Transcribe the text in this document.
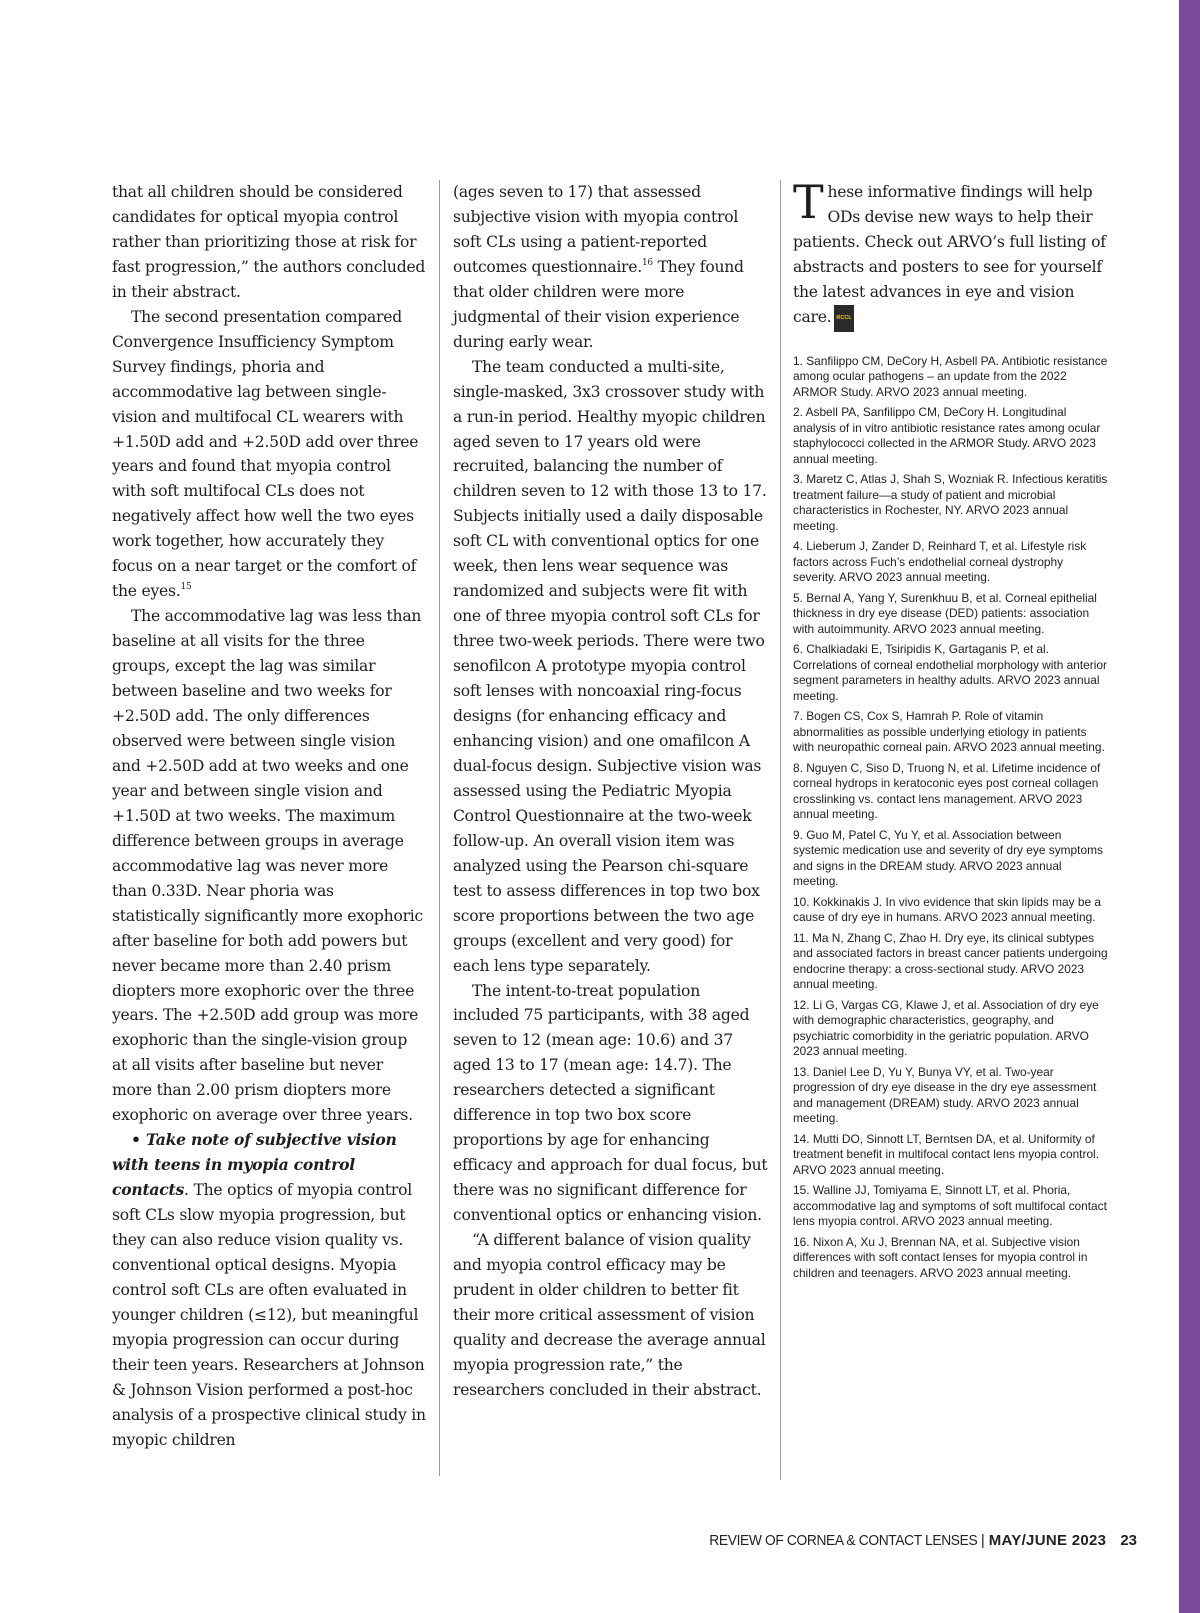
that all children should be considered candidates for optical myopia control rather than prioritizing those at risk for fast progression,” the authors concluded in their abstract.

The second presentation compared Convergence Insufficiency Symptom Survey findings, phoria and accommodative lag between single-vision and multifocal CL wearers with +1.50D add and +2.50D add over three years and found that myopia control with soft multifocal CLs does not negatively affect how well the two eyes work together, how accurately they focus on a near target or the comfort of the eyes.$^{15}$

The accommodative lag was less than baseline at all visits for the three groups, except the lag was similar between baseline and two weeks for +2.50D add. The only differences observed were between single vision and +2.50D add at two weeks and one year and between single vision and +1.50D at two weeks. The maximum difference between groups in average accommodative lag was never more than 0.33D. Near phoria was statistically significantly more exophoric after baseline for both add powers but never became more than 2.40 prism diopters more exophoric over the three years. The +2.50D add group was more exophoric than the single-vision group at all visits after baseline but never more than 2.00 prism diopters more exophoric on average over three years.

• Take note of subjective vision with teens in myopia control contacts. The optics of myopia control soft CLs slow myopia progression, but they can also reduce vision quality vs. conventional optical designs. Myopia control soft CLs are often evaluated in younger children (≤12), but meaningful myopia progression can occur during their teen years. Researchers at Johnson & Johnson Vision performed a post-hoc analysis of a prospective clinical study in myopic children

(ages seven to 17) that assessed subjective vision with myopia control soft CLs using a patient-reported outcomes questionnaire.$^{16}$ They found that older children were more judgmental of their vision experience during early wear.

The team conducted a multi-site, single-masked, 3x3 crossover study with a run-in period. Healthy myopic children aged seven to 17 years old were recruited, balancing the number of children seven to 12 with those 13 to 17. Subjects initially used a daily disposable soft CL with conventional optics for one week, then lens wear sequence was randomized and subjects were fit with one of three myopia control soft CLs for three two-week periods. There were two senofilcon A prototype myopia control soft lenses with noncoaxial ring-focus designs (for enhancing efficacy and enhancing vision) and one omafilcon A dual-focus design. Subjective vision was assessed using the Pediatric Myopia Control Questionnaire at the two-week follow-up. An overall vision item was analyzed using the Pearson chi-square test to assess differences in top two box score proportions between the two age groups (excellent and very good) for each lens type separately.

The intent-to-treat population included 75 participants, with 38 aged seven to 12 (mean age: 10.6) and 37 aged 13 to 17 (mean age: 14.7). The researchers detected a significant difference in top two box score proportions by age for enhancing efficacy and approach for dual focus, but there was no significant difference for conventional optics or enhancing vision.

“A different balance of vision quality and myopia control efficacy may be prudent in older children to better fit their more critical assessment of vision quality and decrease the average annual myopia progression rate,” the researchers concluded in their abstract.

These informative findings will help ODs devise new ways to help their patients. Check out ARVO’s full listing of abstracts and posters to see for yourself the latest advances in eye and vision care. RCCL

1. Sanfilippo CM, DeCory H, Asbell PA. Antibiotic resistance among ocular pathogens – an update from the 2022 ARMOR Study. ARVO 2023 annual meeting.

2. Asbell PA, Sanfilippo CM, DeCory H. Longitudinal analysis of in vitro antibiotic resistance rates among ocular staphylococci collected in the ARMOR Study. ARVO 2023 annual meeting.

3. Maretz C, Atlas J, Shah S, Wozniak R. Infectious keratitis treatment failure—a study of patient and microbial characteristics in Rochester, NY. ARVO 2023 annual meeting.

4. Lieberum J, Zander D, Reinhard T, et al. Lifestyle risk factors across Fuch’s endothelial corneal dystrophy severity. ARVO 2023 annual meeting.

5. Bernal A, Yang Y, Surenkhuu B, et al. Corneal epithelial thickness in dry eye disease (DED) patients: association with autoimmunity. ARVO 2023 annual meeting.

6. Chalkiadaki E, Tsiripidis K, Gartaganis P, et al. Correlations of corneal endothelial morphology with anterior segment parameters in healthy adults. ARVO 2023 annual meeting.

7. Bogen CS, Cox S, Hamrah P. Role of vitamin abnormalities as possible underlying etiology in patients with neuropathic corneal pain. ARVO 2023 annual meeting.

8. Nguyen C, Siso D, Truong N, et al. Lifetime incidence of corneal hydrops in keratoconic eyes post corneal collagen crosslinking vs. contact lens management. ARVO 2023 annual meeting.

9. Guo M, Patel C, Yu Y, et al. Association between systemic medication use and severity of dry eye symptoms and signs in the DREAM study. ARVO 2023 annual meeting.

10. Kokkinakis J. In vivo evidence that skin lipids may be a cause of dry eye in humans. ARVO 2023 annual meeting.

11. Ma N, Zhang C, Zhao H. Dry eye, its clinical subtypes and associated factors in breast cancer patients undergoing endocrine therapy: a cross-sectional study. ARVO 2023 annual meeting.

12. Li G, Vargas CG, Klawe J, et al. Association of dry eye with demographic characteristics, geography, and psychiatric comorbidity in the geriatric population. ARVO 2023 annual meeting.

13. Daniel Lee D, Yu Y, Bunya VY, et al. Two-year progression of dry eye disease in the dry eye assessment and management (DREAM) study. ARVO 2023 annual meeting.

14. Mutti DO, Sinnott LT, Berntsen DA, et al. Uniformity of treatment benefit in multifocal contact lens myopia control. ARVO 2023 annual meeting.

15. Walline JJ, Tomiyama E, Sinnott LT, et al. Phoria, accommodative lag and symptoms of soft multifocal contact lens myopia control. ARVO 2023 annual meeting.

16. Nixon A, Xu J, Brennan NA, et al. Subjective vision differences with soft contact lenses for myopia control in children and teenagers. ARVO 2023 annual meeting.

REVIEW OF CORNEA & CONTACT LENSES | MAY/JUNE 2023 23
